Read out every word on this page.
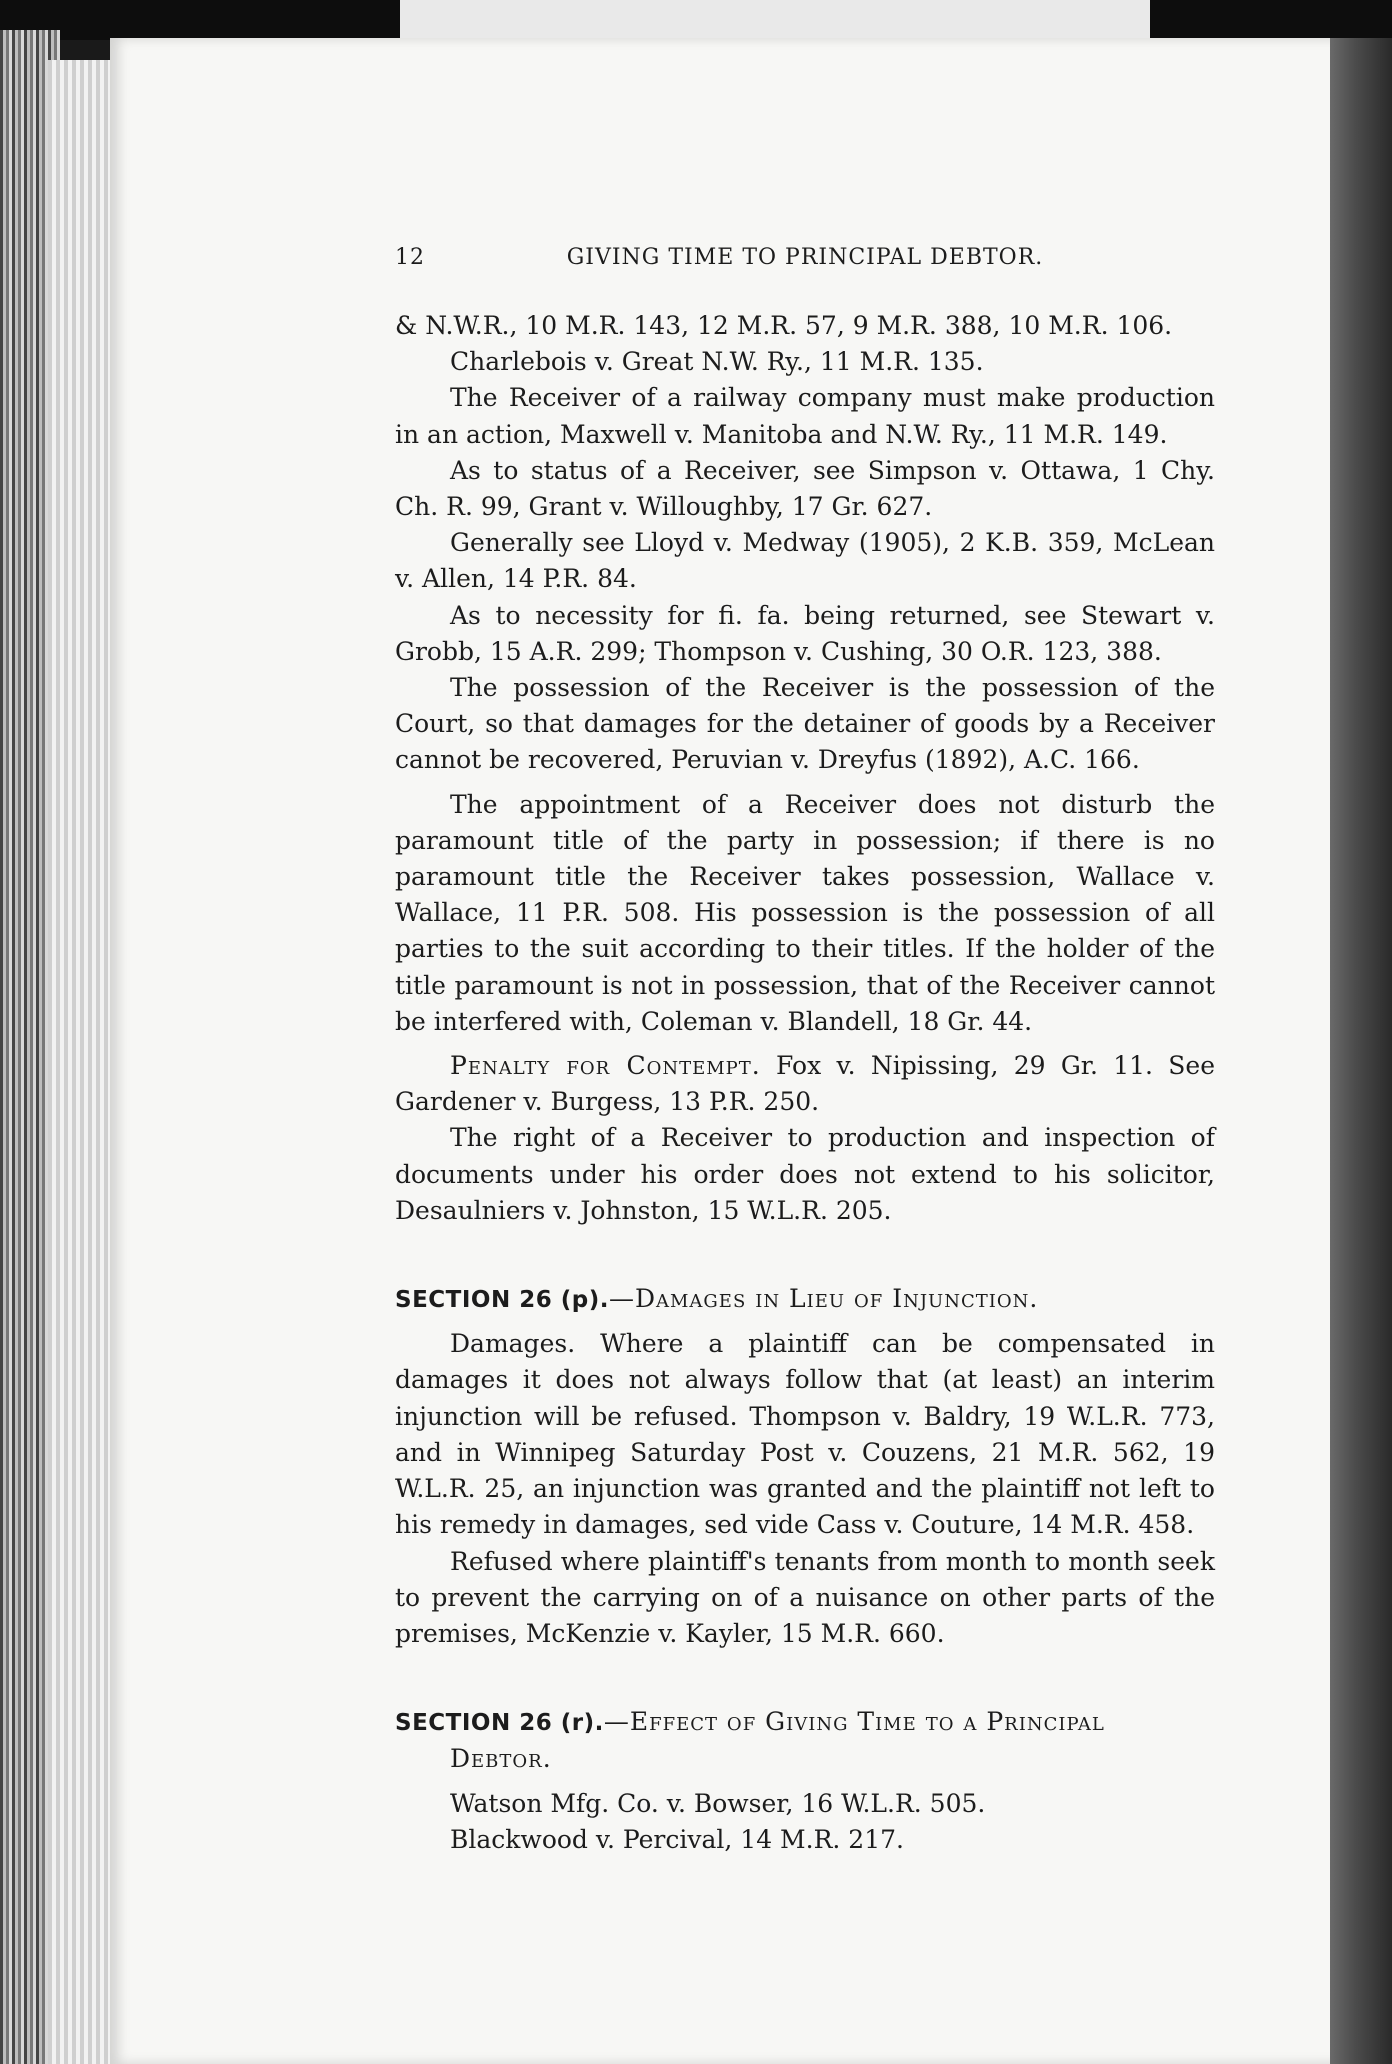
12	GIVING TIME TO PRINCIPAL DEBTOR.

& N.W.R., 10 M.R. 143, 12 M.R. 57, 9 M.R. 388, 10 M.R. 106.

Charlebois v. Great N.W. Ry., 11 M.R. 135.

The Receiver of a railway company must make production in an action, Maxwell v. Manitoba and N.W. Ry., 11 M.R. 149.

As to status of a Receiver, see Simpson v. Ottawa, 1 Chy. Ch. R. 99, Grant v. Willoughby, 17 Gr. 627.

Generally see Lloyd v. Medway (1905), 2 K.B. 359, McLean v. Allen, 14 P.R. 84.

As to necessity for fi. fa. being returned, see Stewart v. Grobb, 15 A.R. 299; Thompson v. Cushing, 30 O.R. 123, 388.

The possession of the Receiver is the possession of the Court, so that damages for the detainer of goods by a Receiver cannot be recovered, Peruvian v. Dreyfus (1892), A.C. 166.

The appointment of a Receiver does not disturb the paramount title of the party in possession; if there is no paramount title the Receiver takes possession, Wallace v. Wallace, 11 P.R. 508. His possession is the possession of all parties to the suit according to their titles. If the holder of the title paramount is not in possession, that of the Receiver cannot be interfered with, Coleman v. Blandell, 18 Gr. 44.

Penalty for Contempt. Fox v. Nipissing, 29 Gr. 11. See Gardener v. Burgess, 13 P.R. 250.

The right of a Receiver to production and inspection of documents under his order does not extend to his solicitor, Desaulniers v. Johnston, 15 W.L.R. 205.

SECTION 26 (p).—Damages in Lieu of Injunction.

Damages. Where a plaintiff can be compensated in damages it does not always follow that (at least) an interim injunction will be refused. Thompson v. Baldry, 19 W.L.R. 773, and in Winnipeg Saturday Post v. Couzens, 21 M.R. 562, 19 W.L.R. 25, an injunction was granted and the plaintiff not left to his remedy in damages, sed vide Cass v. Couture, 14 M.R. 458.

Refused where plaintiff's tenants from month to month seek to prevent the carrying on of a nuisance on other parts of the premises, McKenzie v. Kayler, 15 M.R. 660.

SECTION 26 (r).—Effect of Giving Time to a Principal Debtor.

Watson Mfg. Co. v. Bowser, 16 W.L.R. 505.

Blackwood v. Percival, 14 M.R. 217.
